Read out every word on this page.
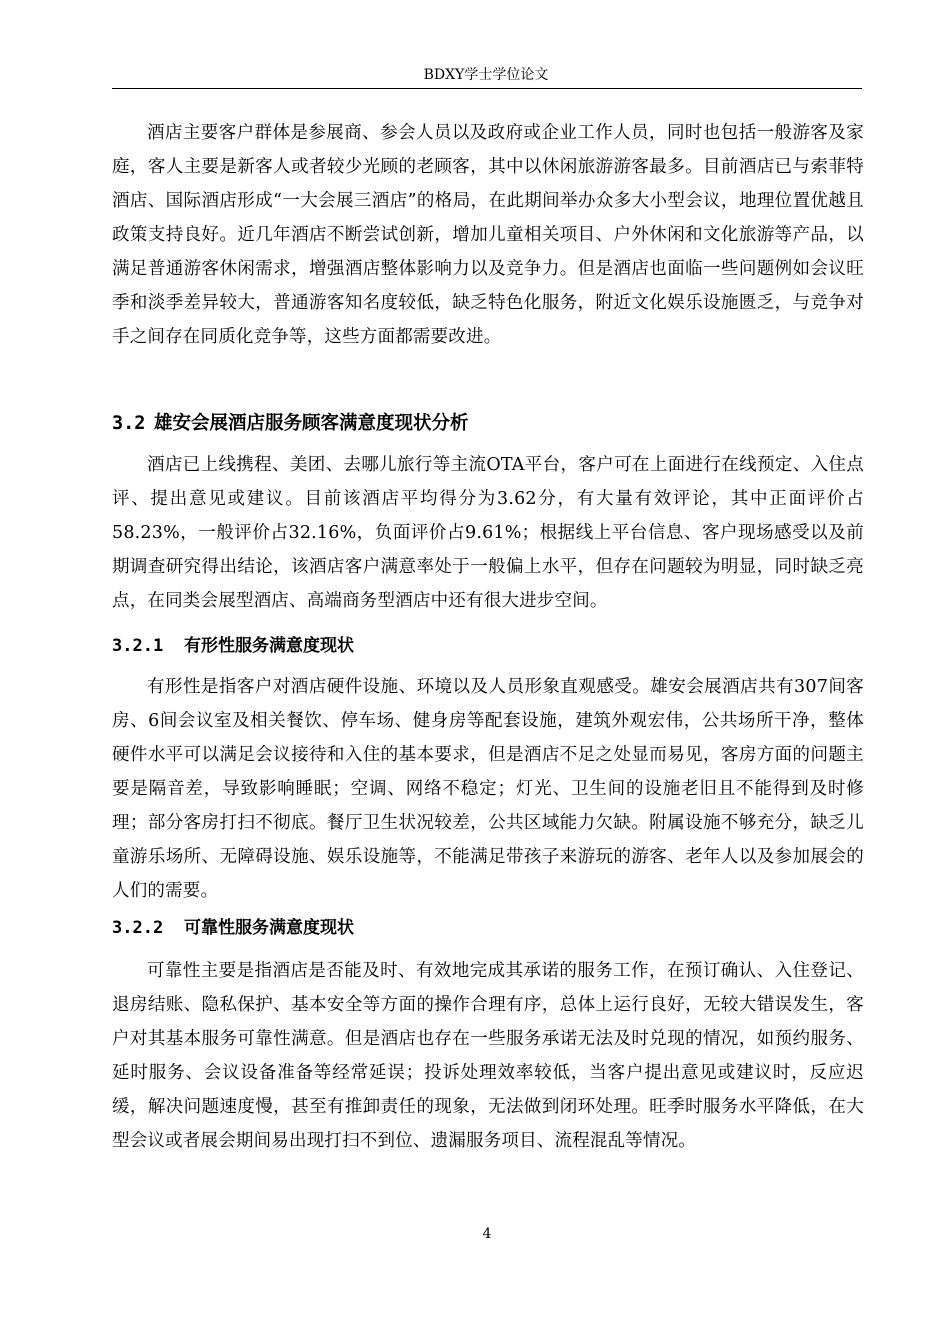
BDXY学士学位论文

酒店主要客户群体是参展商、参会人员以及政府或企业工作人员，同时也包括一般游客及家庭，客人主要是新客人或者较少光顾的老顾客，其中以休闲旅游游客最多。目前酒店已与索菲特酒店、国际酒店形成“一大会展三酒店”的格局，在此期间举办众多大小型会议，地理位置优越且政策支持良好。近几年酒店不断尝试创新，增加儿童相关项目、户外休闲和文化旅游等产品，以满足普通游客休闲需求，增强酒店整体影响力以及竞争力。但是酒店也面临一些问题例如会议旺季和淡季差异较大，普通游客知名度较低，缺乏特色化服务，附近文化娱乐设施匮乏，与竞争对手之间存在同质化竞争等，这些方面都需要改进。

3.2 雄安会展酒店服务顾客满意度现状分析

酒店已上线携程、美团、去哪儿旅行等主流OTA平台，客户可在上面进行在线预定、入住点评、提出意见或建议。目前该酒店平均得分为3.62分，有大量有效评论，其中正面评价占58.23%，一般评价占32.16%，负面评价占9.61%；根据线上平台信息、客户现场感受以及前期调查研究得出结论，该酒店客户满意率处于一般偏上水平，但存在问题较为明显，同时缺乏亮点，在同类会展型酒店、高端商务型酒店中还有很大进步空间。

3.2.1 有形性服务满意度现状

有形性是指客户对酒店硬件设施、环境以及人员形象直观感受。雄安会展酒店共有307间客房、6间会议室及相关餐饮、停车场、健身房等配套设施，建筑外观宏伟，公共场所干净，整体硬件水平可以满足会议接待和入住的基本要求，但是酒店不足之处显而易见，客房方面的问题主要是隔音差，导致影响睡眠；空调、网络不稳定；灯光、卫生间的设施老旧且不能得到及时修理；部分客房打扫不彻底。餐厅卫生状况较差，公共区域能力欠缺。附属设施不够充分，缺乏儿童游乐场所、无障碍设施、娱乐设施等，不能满足带孩子来游玩的游客、老年人以及参加展会的人们的需要。

3.2.2 可靠性服务满意度现状

可靠性主要是指酒店是否能及时、有效地完成其承诺的服务工作，在预订确认、入住登记、退房结账、隐私保护、基本安全等方面的操作合理有序，总体上运行良好，无较大错误发生，客户对其基本服务可靠性满意。但是酒店也存在一些服务承诺无法及时兑现的情况，如预约服务、延时服务、会议设备准备等经常延误；投诉处理效率较低，当客户提出意见或建议时，反应迟缓，解决问题速度慢，甚至有推卸责任的现象，无法做到闭环处理。旺季时服务水平降低，在大型会议或者展会期间易出现打扫不到位、遗漏服务项目、流程混乱等情况。

4
